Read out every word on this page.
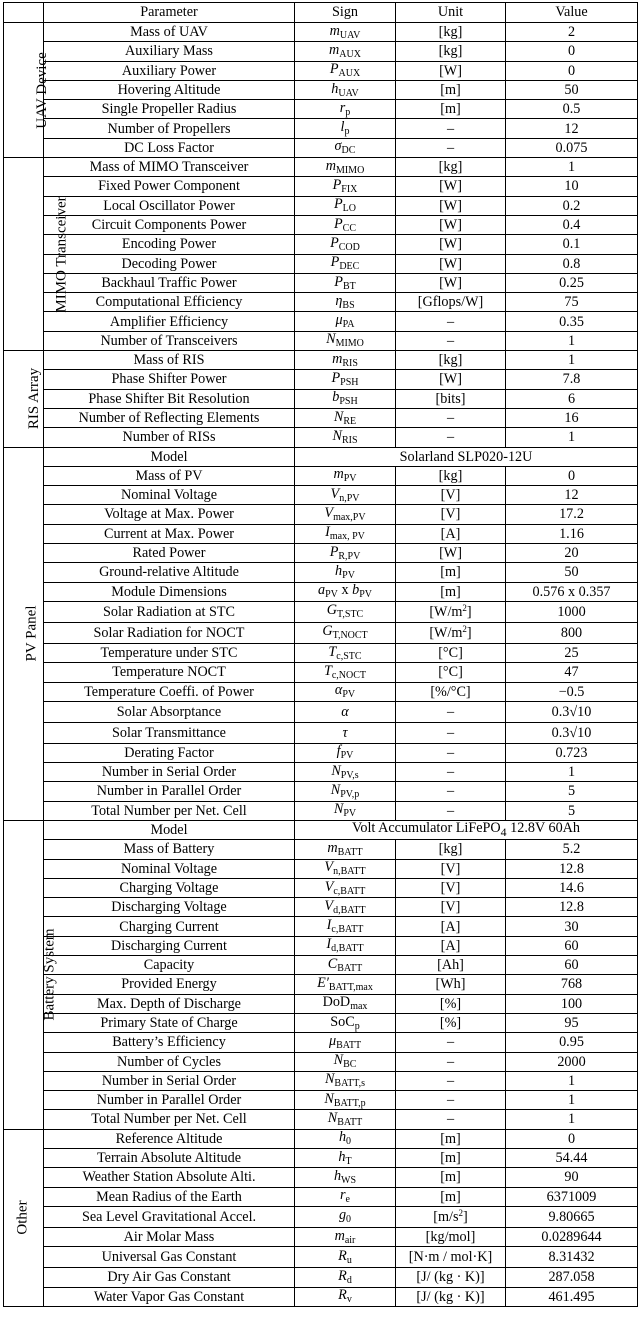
	Parameter	Sign	Unit	Value
UAV Device	Mass of UAV	$m_{UAV}$	[kg]	2
	Auxiliary Mass	$m_{AUX}$	[kg]	0
	Auxiliary Power	$P_{AUX}$	[W]	0
	Hovering Altitude	$h_{UAV}$	[m]	50
	Single Propeller Radius	$r_p$	[m]	0.5
	Number of Propellers	$l_p$	–	12
	DC Loss Factor	$\sigma_{DC}$	–	0.075
MIMO Transceiver	Mass of MIMO Transceiver	$m_{MIMO}$	[kg]	1
	Fixed Power Component	$P_{FIX}$	[W]	10
	Local Oscillator Power	$P_{LO}$	[W]	0.2
	Circuit Components Power	$P_{CC}$	[W]	0.4
	Encoding Power	$P_{COD}$	[W]	0.1
	Decoding Power	$P_{DEC}$	[W]	0.8
	Backhaul Traffic Power	$P_{BT}$	[W]	0.25
	Computational Efficiency	$\eta_{BS}$	[Gflops/W]	75
	Amplifier Efficiency	$\mu_{PA}$	–	0.35
	Number of Transceivers	$N_{MIMO}$	–	1
RIS Array	Mass of RIS	$m_{RIS}$	[kg]	1
	Phase Shifter Power	$P_{PSH}$	[W]	7.8
	Phase Shifter Bit Resolution	$b_{PSH}$	[bits]	6
	Number of Reflecting Elements	$N_{RE}$	–	16
	Number of RISs	$N_{RIS}$	–	1
PV Panel	Model	Solarland SLP020-12U		
	Mass of PV	$m_{PV}$	[kg]	0
	Nominal Voltage	$V_{n,PV}$	[V]	12
	Voltage at Max. Power	$V_{max,PV}$	[V]	17.2
	Current at Max. Power	$I_{max, PV}$	[A]	1.16
	Rated Power	$P_{R,PV}$	[W]	20
	Ground-relative Altitude	$h_{PV}$	[m]	50
	Module Dimensions	$a_{PV}$ x $b_{PV}$	[m]	0.576 x 0.357
	Solar Radiation at STC	$G_{T,STC}$	$[W/m^2]$	1000
	Solar Radiation for NOCT	$G_{T,NOCT}$	$[W/m^2]$	800
	Temperature under STC	$T_{c,STC}$	[°C]	25
	Temperature NOCT	$T_{c,NOCT}$	[°C]	47
	Temperature Coeffi. of Power	$\alpha_{PV}$	[%/°C]	−0.5
	Solar Absorptance	α	–	0.3√10
	Solar Transmittance	τ	–	0.3√10
	Derating Factor	$f_{PV}$	–	0.723
	Number in Serial Order	$N_{PV,s}$	–	1
	Number in Parallel Order	$N_{PV,p}$	–	5
	Total Number per Net. Cell	$N_{PV}$	–	5
Battery System	Model	Volt Accumulator LiFePO$_4$ 12.8V 60Ah		
	Mass of Battery	$m_{BATT}$	[kg]	5.2
	Nominal Voltage	$V_{n,BATT}$	[V]	12.8
	Charging Voltage	$V_{c,BATT}$	[V]	14.6
	Discharging Voltage	$V_{d,BATT}$	[V]	12.8
	Charging Current	$I_{c,BATT}$	[A]	30
	Discharging Current	$I_{d,BATT}$	[A]	60
	Capacity	$C_{BATT}$	[Ah]	60
	Provided Energy	$E'_{BATT,max}$	[Wh]	768
	Max. Depth of Discharge	DoD$_{max}$	[%]	100
	Primary State of Charge	SoC$_p$	[%]	95
	Battery’s Efficiency	$\mu_{BATT}$	–	0.95
	Number of Cycles	$N_{BC}$	–	2000
	Number in Serial Order	$N_{BATT,s}$	–	1
	Number in Parallel Order	$N_{BATT,p}$	–	1
	Total Number per Net. Cell	$N_{BATT}$	–	1
Other	Reference Altitude	$h_0$	[m]	0
	Terrain Absolute Altitude	$h_T$	[m]	54.44
	Weather Station Absolute Alti.	$h_{WS}$	[m]	90
	Mean Radius of the Earth	$r_e$	[m]	6371009
	Sea Level Gravitational Accel.	$g_0$	$[m/s^2]$	9.80665
	Air Molar Mass	$m_{air}$	[kg/mol]	0.0289644
	Universal Gas Constant	$R_u$	[N·m / mol·K]	8.31432
	Dry Air Gas Constant	$R_d$	[J/ (kg · K)]	287.058
	Water Vapor Gas Constant	$R_v$	[J/ (kg · K)]	461.495
